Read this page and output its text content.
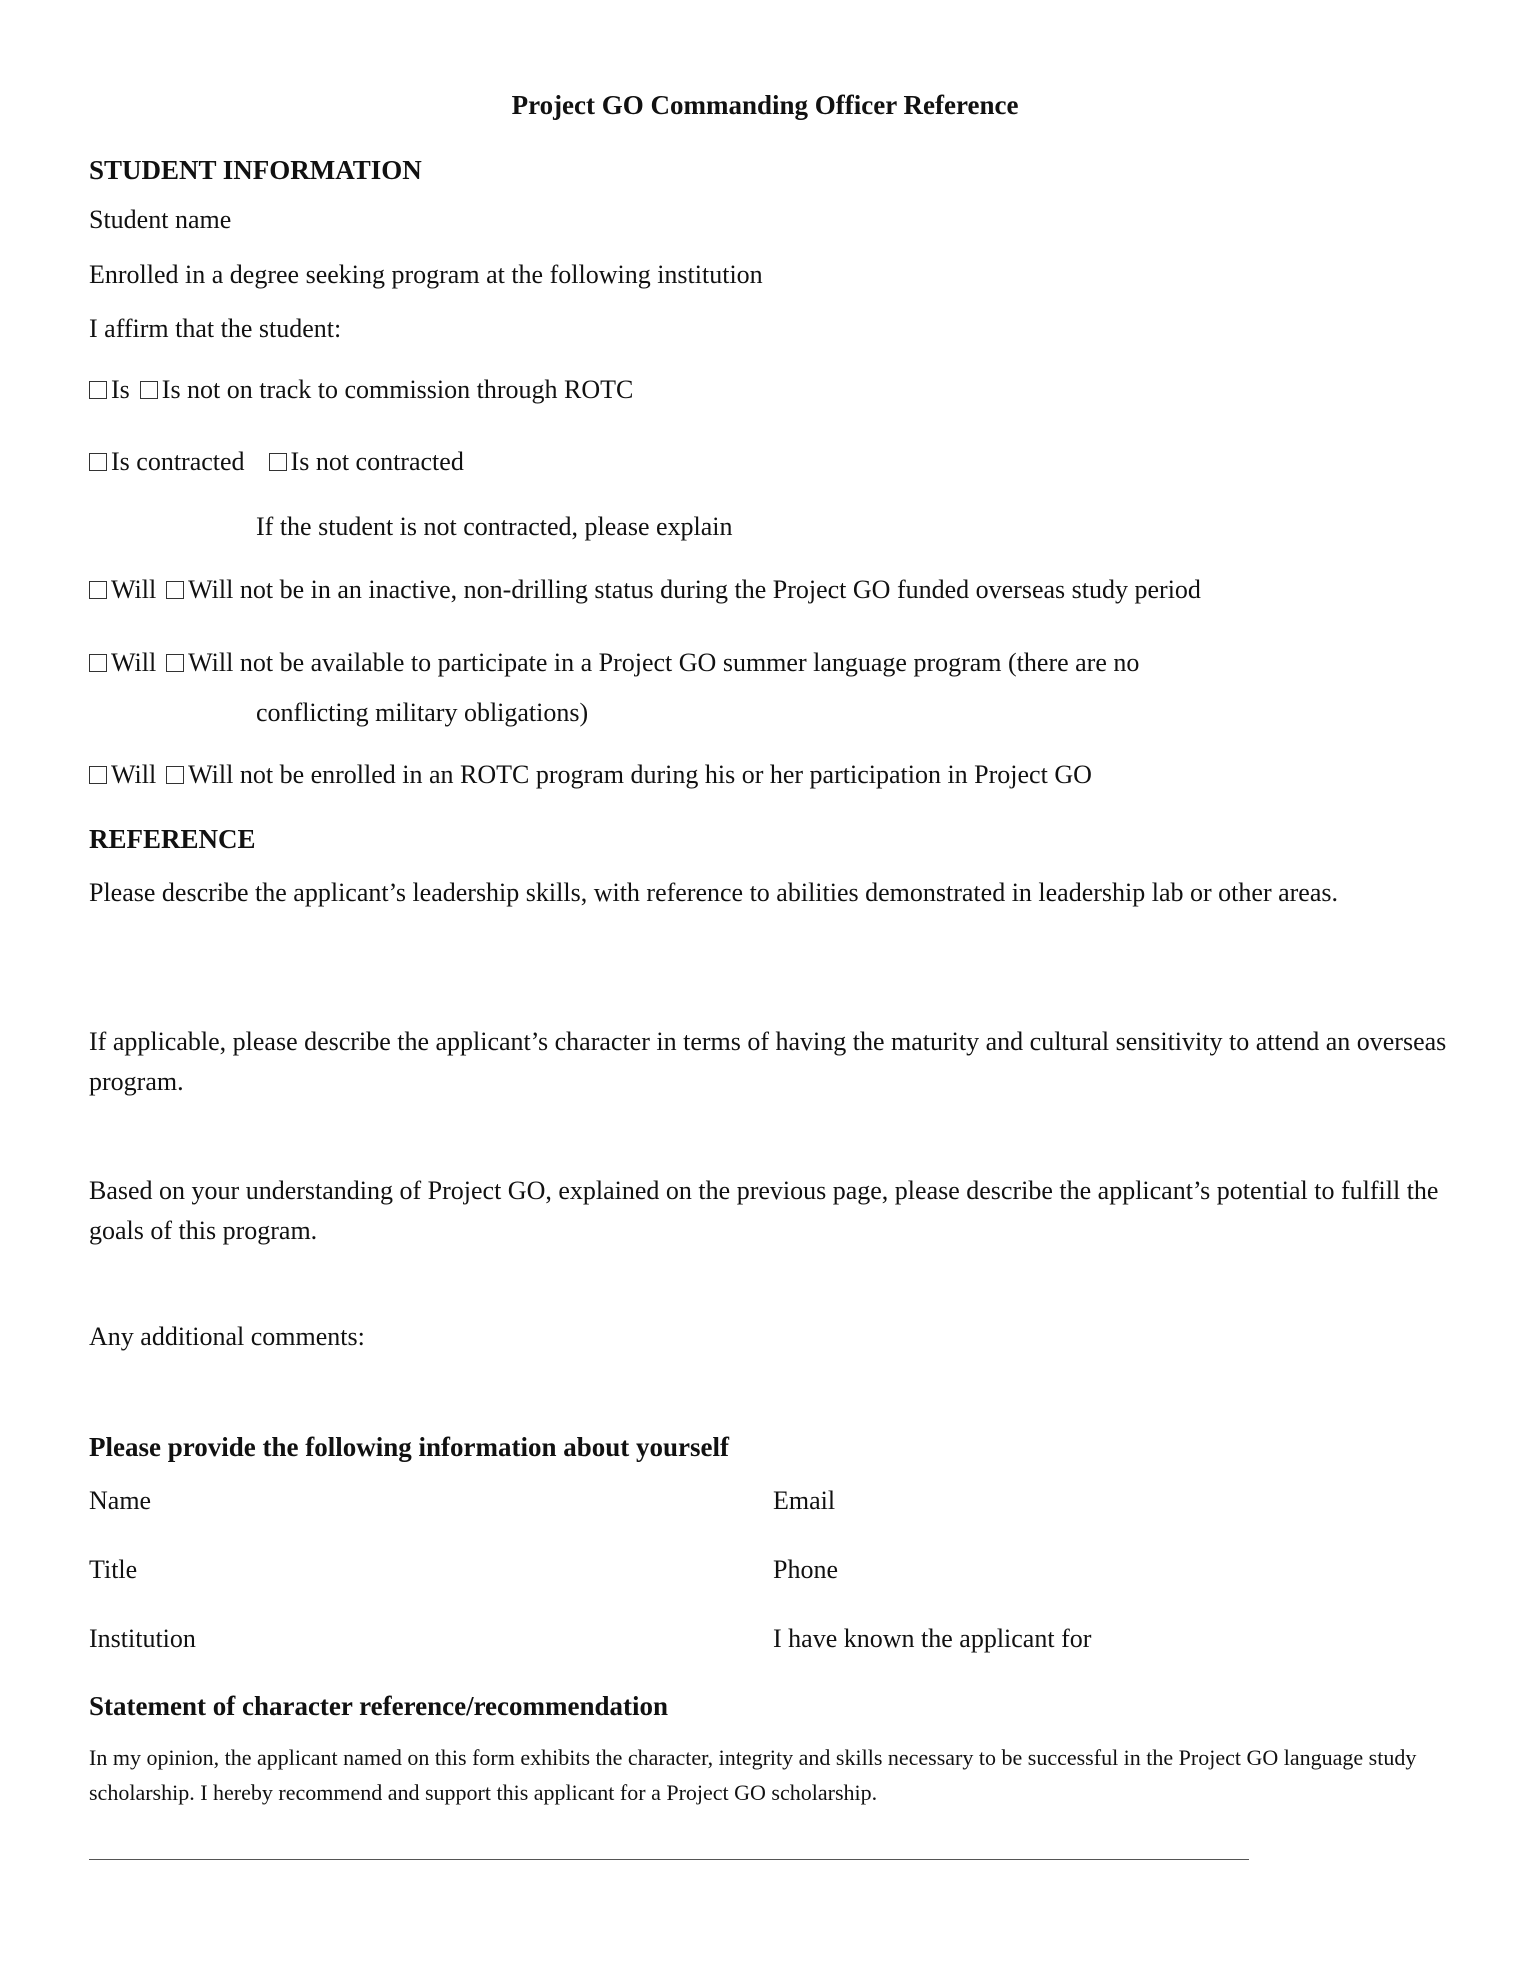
Project GO Commanding Officer Reference
STUDENT INFORMATION
Student name
Enrolled in a degree seeking program at the following institution
I affirm that the student:
Is Is not on track to commission through ROTC
Is contracted Is not contracted
If the student is not contracted, please explain
Will Will not be in an inactive, non-drilling status during the Project GO funded overseas study period
Will Will not be available to participate in a Project GO summer language program (there are no
conflicting military obligations)
Will Will not be enrolled in an ROTC program during his or her participation in Project GO
REFERENCE
Please describe the applicant’s leadership skills, with reference to abilities demonstrated in leadership lab or other areas.
If applicable, please describe the applicant’s character in terms of having the maturity and cultural sensitivity to attend an overseas program.
Based on your understanding of Project GO, explained on the previous page, please describe the applicant’s potential to fulfill the goals of this program.
Any additional comments:
Please provide the following information about yourself
Name	Email
Title	Phone
Institution	I have known the applicant for
Statement of character reference/recommendation
In my opinion, the applicant named on this form exhibits the character, integrity and skills necessary to be successful in the Project GO language study scholarship. I hereby recommend and support this applicant for a Project GO scholarship.
